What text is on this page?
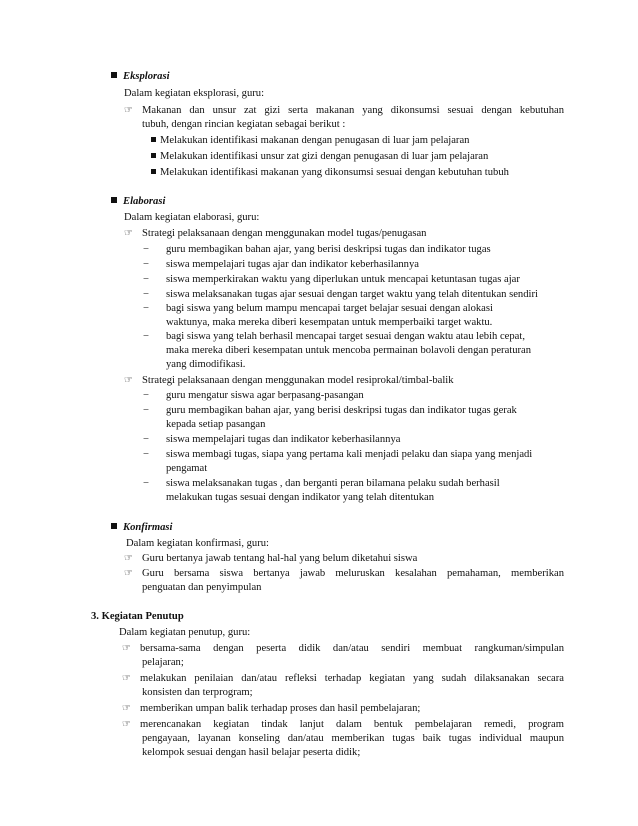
Eksplorasi
Dalam kegiatan eksplorasi, guru:
☞ Makanan dan unsur zat gizi serta makanan yang dikonsumsi sesuai dengan kebutuhan
tubuh, dengan rincian kegiatan sebagai berikut :
Melakukan identifikasi makanan dengan penugasan di luar jam pelajaran
Melakukan identifikasi unsur zat gizi dengan penugasan di luar jam pelajaran
Melakukan identifikasi makanan yang dikonsumsi sesuai dengan kebutuhan tubuh
Elaborasi
Dalam kegiatan elaborasi, guru:
☞ Strategi pelaksanaan dengan menggunakan model tugas/penugasan
− guru membagikan bahan ajar, yang berisi deskripsi tugas dan indikator tugas
− siswa mempelajari tugas ajar dan indikator keberhasilannya
− siswa memperkirakan waktu yang diperlukan untuk mencapai ketuntasan tugas ajar
− siswa melaksanakan tugas ajar sesuai dengan target waktu yang telah ditentukan sendiri
− bagi siswa yang belum mampu mencapai target belajar sesuai dengan alokasi
waktunya, maka mereka diberi kesempatan untuk memperbaiki target waktu.
− bagi siswa yang telah berhasil mencapai target sesuai dengan waktu atau lebih cepat,
maka mereka diberi kesempatan untuk mencoba permainan bolavoli dengan peraturan
yang dimodifikasi.
☞ Strategi pelaksanaan dengan menggunakan model resiprokal/timbal-balik
− guru mengatur siswa agar berpasang-pasangan
− guru membagikan bahan ajar, yang berisi deskripsi tugas dan indikator tugas gerak
kepada setiap pasangan
− siswa mempelajari tugas dan indikator keberhasilannya
− siswa membagi tugas, siapa yang pertama kali menjadi pelaku dan siapa yang menjadi
pengamat
− siswa melaksanakan tugas , dan berganti peran bilamana pelaku sudah berhasil
melakukan tugas sesuai dengan indikator yang telah ditentukan
Konfirmasi
Dalam kegiatan konfirmasi, guru:
☞ Guru bertanya jawab tentang hal-hal yang belum diketahui siswa
☞ Guru bersama siswa bertanya jawab meluruskan kesalahan pemahaman, memberikan
penguatan dan penyimpulan
3. Kegiatan Penutup
Dalam kegiatan penutup, guru:
☞ bersama-sama dengan peserta didik dan/atau sendiri membuat rangkuman/simpulan
pelajaran;
☞ melakukan penilaian dan/atau refleksi terhadap kegiatan yang sudah dilaksanakan secara
konsisten dan terprogram;
☞ memberikan umpan balik terhadap proses dan hasil pembelajaran;
☞ merencanakan kegiatan tindak lanjut dalam bentuk pembelajaran remedi, program
pengayaan, layanan konseling dan/atau memberikan tugas baik tugas individual maupun
kelompok sesuai dengan hasil belajar peserta didik;
